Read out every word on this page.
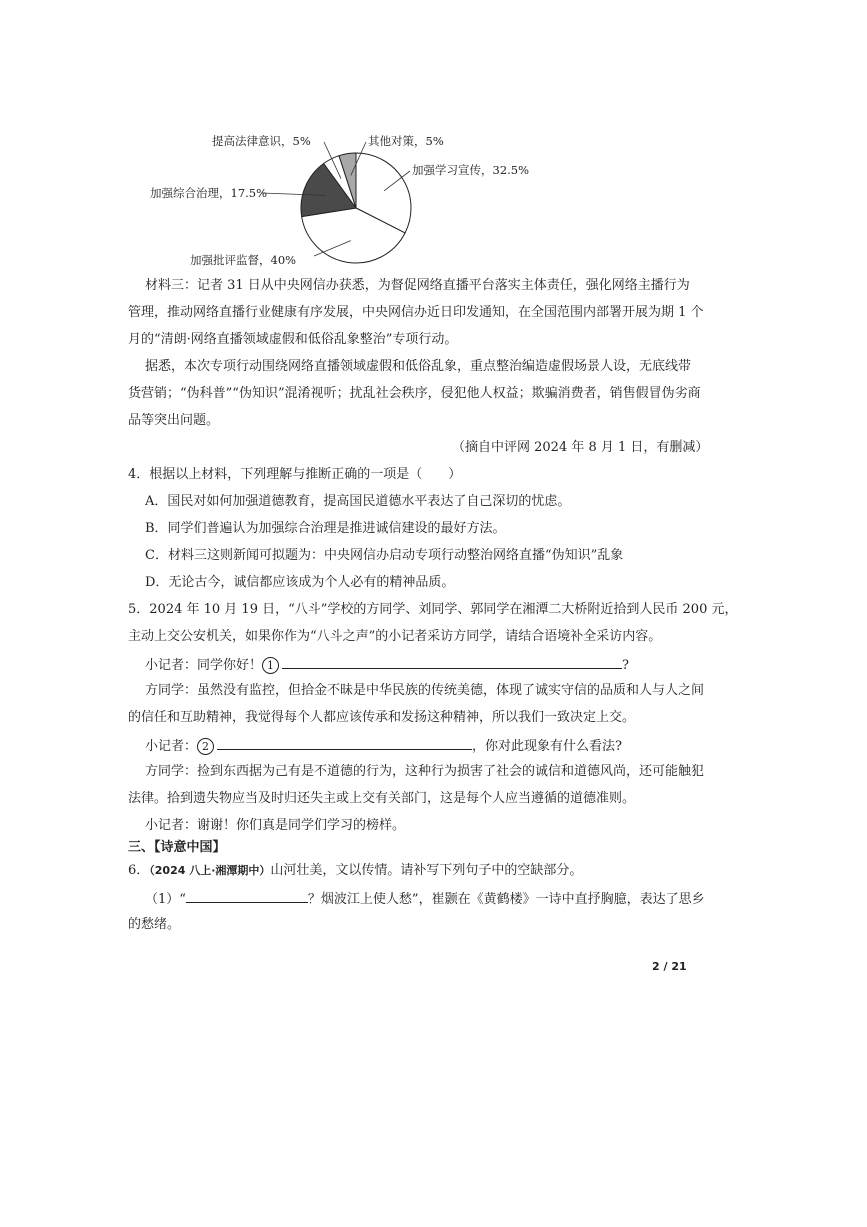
加强学习宣传，32.5%
加强批评监督，40%
加强综合治理，17.5%
提高法律意识，5%	其他对策，5%
材料三：记者 31 日从中央网信办获悉，为督促网络直播平台落实主体责任，强化网络主播行为
管理，推动网络直播行业健康有序发展，中央网信办近日印发通知，在全国范围内部署开展为期 1 个
月的“清朗·网络直播领域虚假和低俗乱象整治”专项行动。
据悉，本次专项行动围绕网络直播领域虚假和低俗乱象，重点整治编造虚假场景人设，无底线带
货营销；“伪科普”“伪知识”混淆视听；扰乱社会秩序，侵犯他人权益；欺骗消费者，销售假冒伪劣商
品等突出问题。
（摘自中评网 2024 年 8 月 1 日，有删减）
4．根据以上材料，下列理解与推断正确的一项是（　　）
A．国民对如何加强道德教育，提高国民道德水平表达了自己深切的忧虑。
B．同学们普遍认为加强综合治理是推进诚信建设的最好方法。
C．材料三这则新闻可拟题为：中央网信办启动专项行动整治网络直播“伪知识”乱象
D．无论古今，诚信都应该成为个人必有的精神品质。
5．2024 年 10 月 19 日，“八斗”学校的方同学、刘同学、郭同学在湘潭二大桥附近拾到人民币 200 元，
主动上交公安机关，如果你作为“八斗之声”的小记者采访方同学，请结合语境补全采访内容。
小记者：同学你好！ 1	?
方同学：虽然没有监控，但拾金不昧是中华民族的传统美德，体现了诚实守信的品质和人与人之间
的信任和互助精神，我觉得每个人都应该传承和发扬这种精神，所以我们一致决定上交。
小记者： 2	，你对此现象有什么看法?
方同学：捡到东西据为己有是不道德的行为，这种行为损害了社会的诚信和道德风尚，还可能触犯
法律。拾到遗失物应当及时归还失主或上交有关部门，这是每个人应当遵循的道德准则。
小记者：谢谢！你们真是同学们学习的榜样。
三、【诗意中国】
6．（2024 八上·湘潭期中）山河壮美，文以传情。请补写下列句子中的空缺部分。
（1）“	？烟波江上使人愁”，崔颢在《黄鹤楼》一诗中直抒胸臆，表达了思乡
的愁绪。
2 / 21
